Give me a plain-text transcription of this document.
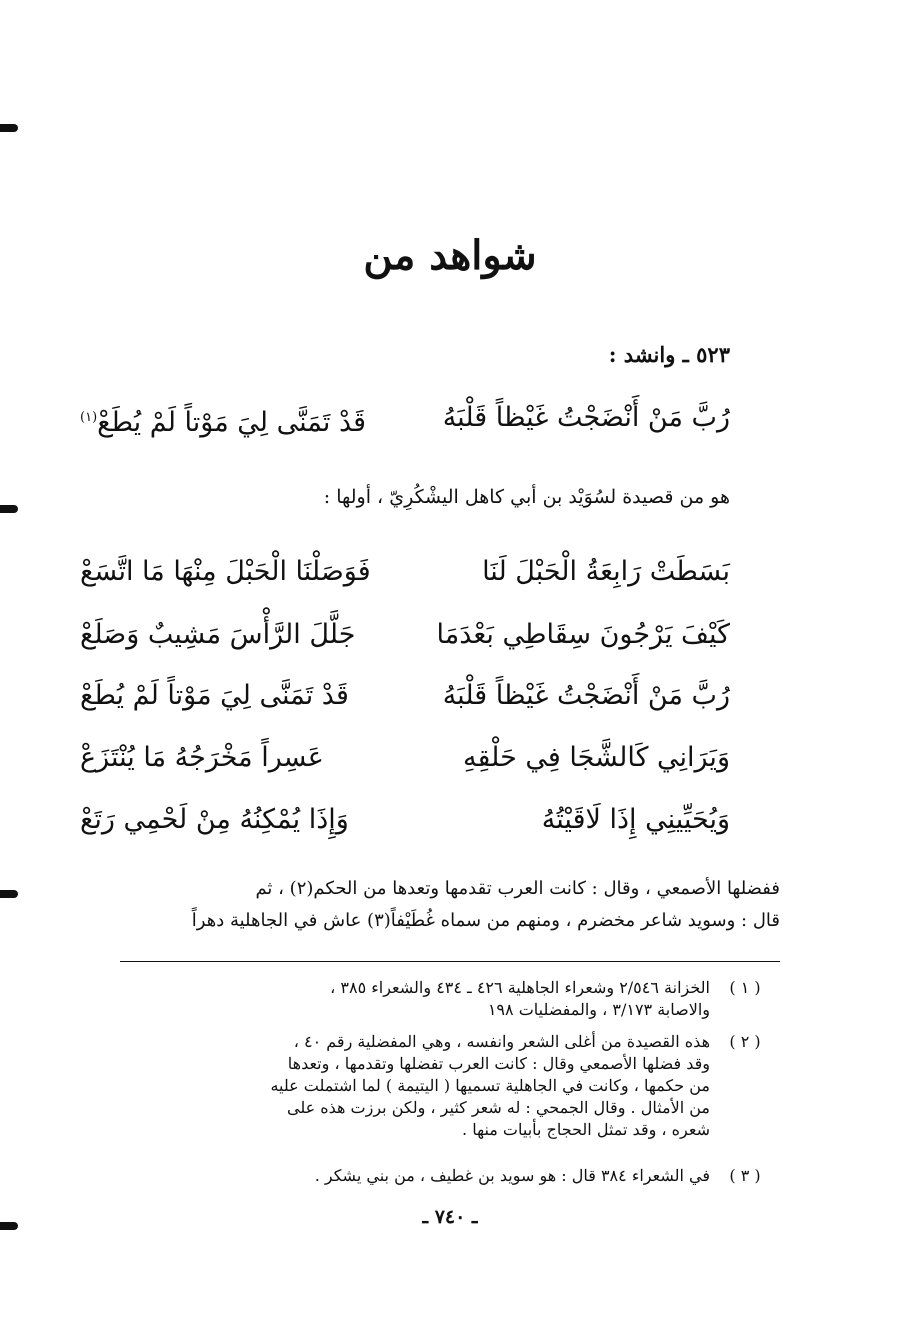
شواهد من
٥٢٣ ـ وانشد :
رُبَّ مَنْ أَنْضَجْتُ غَيْظاً قَلْبَهُ
قَدْ تَمَنَّى لِيَ مَوْتاً لَمْ يُطَعْ$^{(١)}$
هو من قصيدة لسُوَيْد بن أبي كاهل اليشْكُرِيّ ، أولها :
بَسَطَتْ رَابِعَةُ الْحَبْلَ لَنَا
فَوَصَلْنَا الْحَبْلَ مِنْهَا مَا اتَّسَعْ
كَيْفَ يَرْجُونَ سِقَاطِي بَعْدَمَا
جَلَّلَ الرَّأْسَ مَشِيبٌ وَصَلَعْ
رُبَّ مَنْ أَنْضَجْتُ غَيْظاً قَلْبَهُ
قَدْ تَمَنَّى لِيَ مَوْتاً لَمْ يُطَعْ
وَيَرَانِي كَالشَّجَا فِي حَلْقِهِ
عَسِراً مَخْرَجُهُ مَا يُنْتَزَعْ
وَيُحَيِّينِي إِذَا لَاقَيْتُهُ
وَإِذَا يُمْكِنُهُ مِنْ لَحْمِي رَتَعْ

ففضلها الأصمعي ، وقال : كانت العرب تقدمها وتعدها من الحكم(٢) ، ثم

قال : وسويد شاعر مخضرم ، ومنهم من سماه غُطَيْفاً(٣) عاش في الجاهلية دهراً

( ١ )
الخزانة ٢/٥٤٦ وشعراء الجاهلية ٤٢٦ ـ ٤٣٤ والشعراء ٣٨٥ ،
والاصابة ٣/١٧٣ ، والمفضليات ١٩٨
( ٢ )
هذه القصيدة من أغلى الشعر وانفسه ، وهي المفضلية رقم ٤٠ ،
وقد فضلها الأصمعي وقال : كانت العرب تفضلها وتقدمها ، وتعدها
من حكمها ، وكانت في الجاهلية تسميها ( اليتيمة ) لما اشتملت عليه
من الأمثال . وقال الجمحي : له شعر كثير ، ولكن برزت هذه على
شعره ، وقد تمثل الحجاج بأبيات منها .
( ٣ )
في الشعراء ٣٨٤ قال : هو سويد بن غطيف ، من بني يشكر .
ـ ٧٤٠ ـ
